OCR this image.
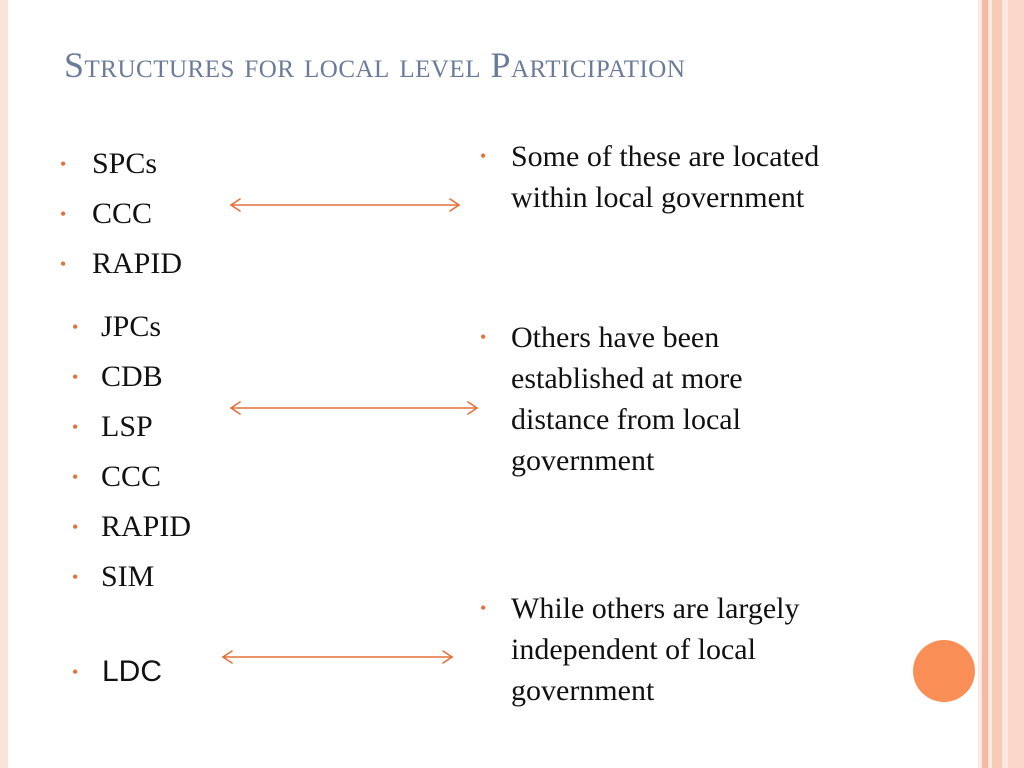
Structures for local level Participation
• SPCs
• CCC
• RAPID
• JPCs
• CDB
• LSP
• CCC
• RAPID
• SIM
• LDC
• Some of these are located within local government

• Others have been established at more distance from local government

• While others are largely independent of local government
